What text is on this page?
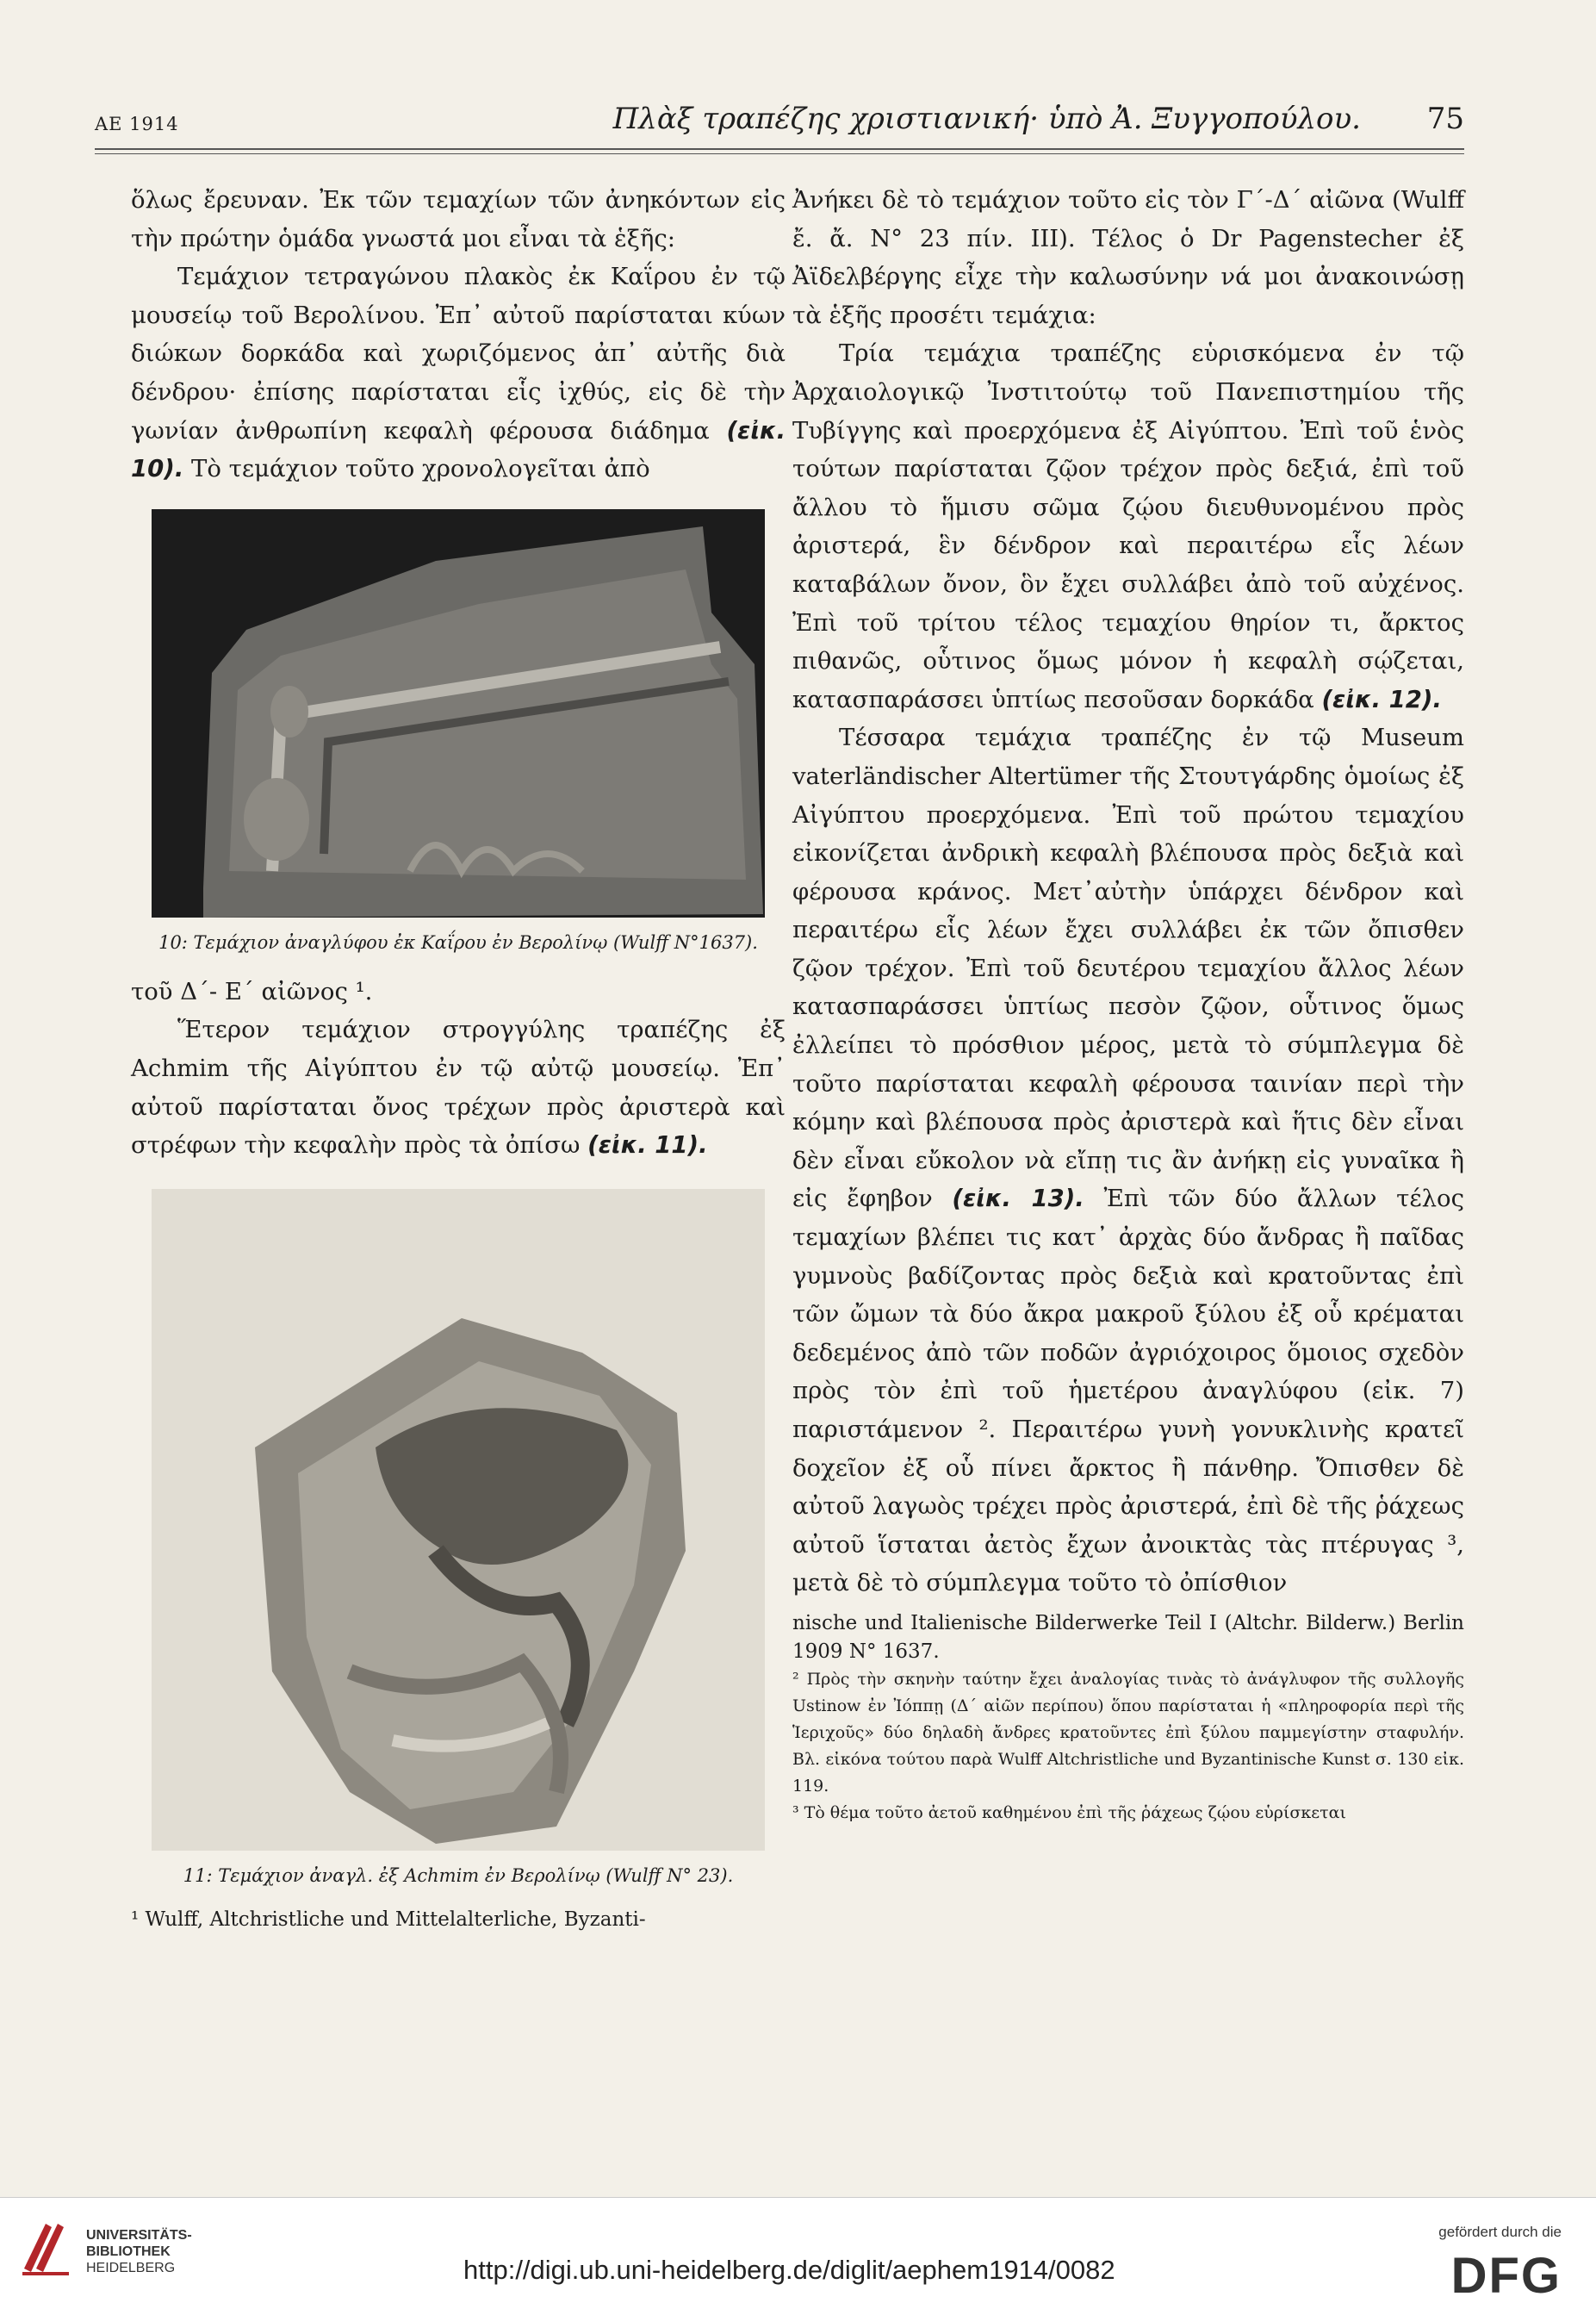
ΑΕ 1914	Πλὰξ τραπέζης χριστιανική· ὑπὸ Ἀ. Ξυγγοπούλου. 75

ὅλως ἔρευναν. Ἐκ τῶν τεμαχίων τῶν ἀνηκόντων εἰς τὴν πρώτην ὁμάδα γνωστά μοι εἶναι τὰ ἑξῆς:

Τεμάχιον τετραγώνου πλακὸς ἐκ Καΐρου ἐν τῷ μουσείῳ τοῦ Βερολίνου. Ἐπ᾽ αὐτοῦ παρίσταται κύων διώκων δορκάδα καὶ χωριζόμενος ἀπ᾽ αὐτῆς διὰ δένδρου· ἐπίσης παρίσταται εἷς ἰχθύς, εἰς δὲ τὴν γωνίαν ἀνθρωπίνη κεφαλὴ φέρουσα διάδημα (εἰκ. 10). Τὸ τεμάχιον τοῦτο χρονολογεῖται ἀπὸ

10: Τεμάχιον ἀναγλύφου ἐκ Καΐρου ἐν Βερολίνῳ (Wulff N°1637).

τοῦ Δ΄- Ε΄ αἰῶνος ¹.

Ἕτερον τεμάχιον στρογγύλης τραπέζης ἐξ Achmim τῆς Αἰγύπτου ἐν τῷ αὐτῷ μουσείῳ. Ἐπ᾽ αὐτοῦ παρίσταται ὄνος τρέχων πρὸς ἀριστερὰ καὶ στρέφων τὴν κεφαλὴν πρὸς τὰ ὀπίσω (εἰκ. 11).

11: Τεμάχιον ἀναγλ. ἐξ Achmim ἐν Βερολίνῳ (Wulff N° 23).
¹ Wulff, Altchristliche und Mittelalterliche, Byzanti-

Ἀνήκει δὲ τὸ τεμάχιον τοῦτο εἰς τὸν Γ΄-Δ΄ αἰῶνα (Wulff ἔ. ἄ. N° 23 πίν. III). Τέλος ὁ Dr Pagenstecher ἐξ Ἀϊδελβέργης εἶχε τὴν καλωσύνην νά μοι ἀνακοινώσῃ τὰ ἑξῆς προσέτι τεμάχια:

Τρία τεμάχια τραπέζης εὑρισκόμενα ἐν τῷ Ἀρχαιολογικῷ Ἰνστιτούτῳ τοῦ Πανεπιστημίου τῆς Τυβίγγης καὶ προερχόμενα ἐξ Αἰγύπτου. Ἐπὶ τοῦ ἑνὸς τούτων παρίσταται ζῷον τρέχον πρὸς δεξιά, ἐπὶ τοῦ ἄλλου τὸ ἥμισυ σῶμα ζῴου διευθυνομένου πρὸς ἀριστερά, ἓν δένδρον καὶ περαιτέρω εἷς λέων καταβάλων ὄνον, ὃν ἔχει συλλάβει ἀπὸ τοῦ αὐχένος. Ἐπὶ τοῦ τρίτου τέλος τεμαχίου θηρίον τι, ἄρκτος πιθανῶς, οὗτινος ὅμως μόνον ἡ κεφαλὴ σῴζεται, κατασπαράσσει ὑπτίως πεσοῦσαν δορκάδα (εἰκ. 12).

Τέσσαρα τεμάχια τραπέζης ἐν τῷ Museum vaterländischer Altertümer τῆς Στουτγάρδης ὁμοίως ἐξ Αἰγύπτου προερχόμενα. Ἐπὶ τοῦ πρώτου τεμαχίου εἰκονίζεται ἀνδρικὴ κεφαλὴ βλέπουσα πρὸς δεξιὰ καὶ φέρουσα κράνος. Μετ᾽αὐτὴν ὑπάρχει δένδρον καὶ περαιτέρω εἷς λέων ἔχει συλλάβει ἐκ τῶν ὄπισθεν ζῷον τρέχον. Ἐπὶ τοῦ δευτέρου τεμαχίου ἄλλος λέων κατασπαράσσει ὑπτίως πεσὸν ζῷον, οὗτινος ὅμως ἐλλείπει τὸ πρόσθιον μέρος, μετὰ τὸ σύμπλεγμα δὲ τοῦτο παρίσταται κεφαλὴ φέρουσα ταινίαν περὶ τὴν κόμην καὶ βλέπουσα πρὸς ἀριστερὰ καὶ ἥτις δὲν εἶναι δὲν εἶναι εὔκολον νὰ εἴπῃ τις ἂν ἀνήκῃ εἰς γυναῖκα ἢ εἰς ἔφηβον (εἰκ. 13). Ἐπὶ τῶν δύο ἄλλων τέλος τεμαχίων βλέπει τις κατ᾽ ἀρχὰς δύο ἄνδρας ἢ παῖδας γυμνοὺς βαδίζοντας πρὸς δεξιὰ καὶ κρατοῦντας ἐπὶ τῶν ὤμων τὰ δύο ἄκρα μακροῦ ξύλου ἐξ οὗ κρέμαται δεδεμένος ἀπὸ τῶν ποδῶν ἀγριόχοιρος ὅμοιος σχεδὸν πρὸς τὸν ἐπὶ τοῦ ἡμετέρου ἀναγλύφου (εἰκ. 7) παριστάμενον ². Περαιτέρω γυνὴ γονυκλινὴς κρατεῖ δοχεῖον ἐξ οὗ πίνει ἄρκτος ἢ πάνθηρ. Ὄπισθεν δὲ αὐτοῦ λαγωὸς τρέχει πρὸς ἀριστερά, ἐπὶ δὲ τῆς ῥάχεως αὐτοῦ ἵσταται ἀετὸς ἔχων ἀνοικτὰς τὰς πτέρυγας ³, μετὰ δὲ τὸ σύμπλεγμα τοῦτο τὸ ὀπίσθιον

nische und Italienische Bilderwerke Teil I (Altchr. Bilderw.) Berlin 1909 N° 1637.
² Πρὸς τὴν σκηνὴν ταύτην ἔχει ἀναλογίας τινὰς τὸ ἀνάγλυφον τῆς συλλογῆς Ustinow ἐν Ἰόππῃ (Δ΄ αἰῶν περίπου) ὅπου παρίσταται ἡ «πληροφορία περὶ τῆς Ἱεριχοῦς» δύο δηλαδὴ ἄνδρες κρατοῦντες ἐπὶ ξύλου παμμεγίστην σταφυλήν. Βλ. εἰκόνα τούτου παρὰ Wulff Altchristliche und Byzantinische Kunst σ. 130 εἰκ. 119.
³ Τὸ θέμα τοῦτο ἀετοῦ καθημένου ἐπὶ τῆς ῥάχεως ζῴου εὑρίσκεται
UNIVERSITÄTS-
BIBLIOTHEK
HEIDELBERG	http://digi.ub.uni-heidelberg.de/diglit/aephem1914/0082
gefördert durch die
DFG
